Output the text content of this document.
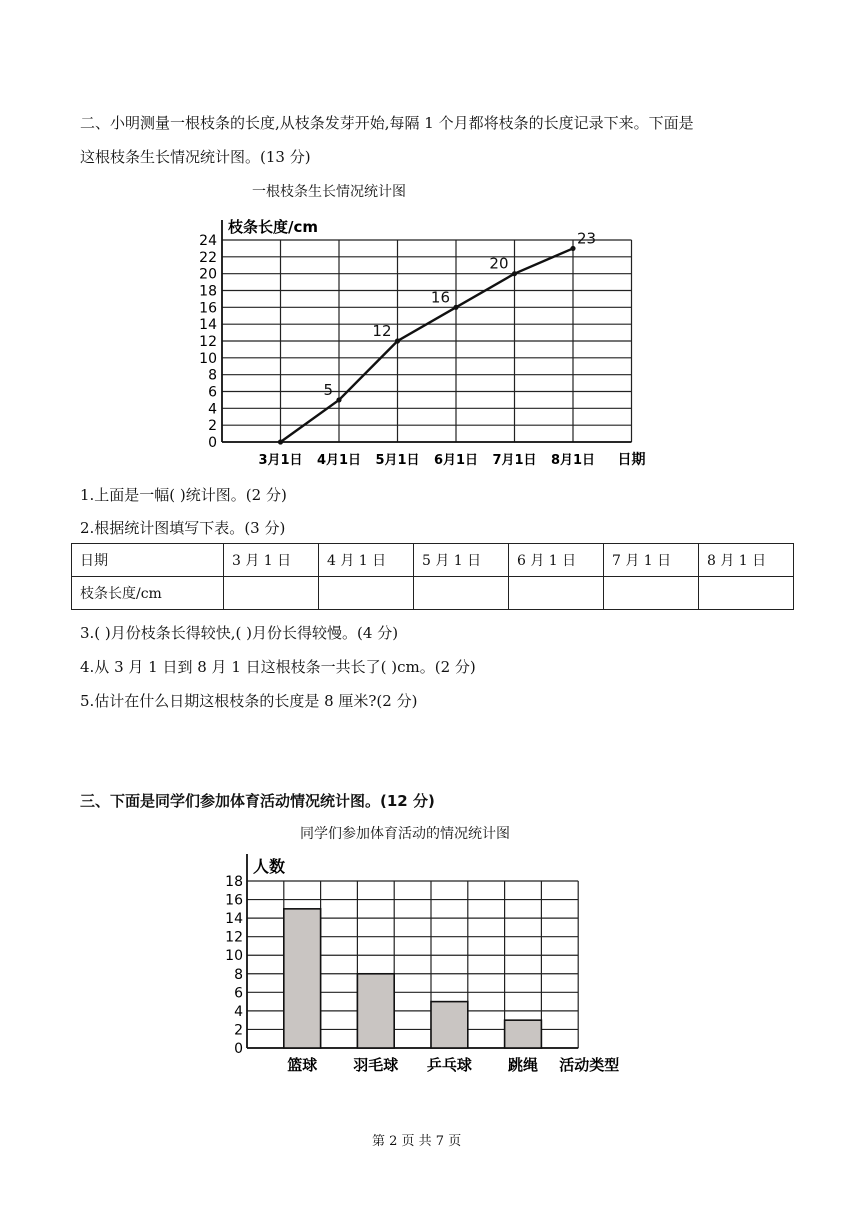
二、小明测量一根枝条的长度,从枝条发芽开始,每隔 1 个月都将枝条的长度记录下来。下面是
这根枝条生长情况统计图。(13 分)
一根枝条生长情况统计图
0
2
4
6
8
10
12
14
16
18
20
22
24
枝条长度/cm
3月1日 4月1日 5月1日 6月1日 7月1日 8月1日 日期
5
12
16
20
23
1.上面是一幅( )统计图。(2 分)
2.根据统计图填写下表。(3 分)
日期	3 月 1 日	4 月 1 日	5 月 1 日	6 月 1 日	7 月 1 日	8 月 1 日
枝条长度/cm						
3.( )月份枝条长得较快,( )月份长得较慢。(4 分)
4.从 3 月 1 日到 8 月 1 日这根枝条一共长了( )cm。(2 分)
5.估计在什么日期这根枝条的长度是 8 厘米?(2 分)
三、下面是同学们参加体育活动情况统计图。(12 分)
同学们参加体育活动的情况统计图
0
2
4
6
8
10
12
14
16
18
人数
篮球 羽毛球 乒乓球 跳绳 活动类型
第 2 页 共 7 页
